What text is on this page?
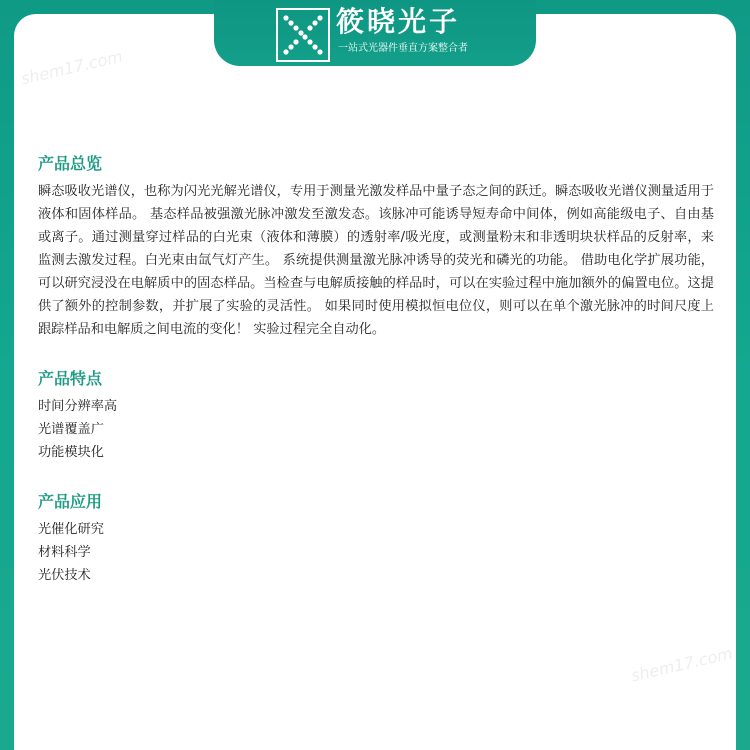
筱晓光子
一站式光器件垂直方案整合者
产品总览

瞬态吸收光谱仪，也称为闪光光解光谱仪，专用于测量光激发样品中量子态之间的跃迁。瞬态吸收光谱仪测量适用于液体和固体样品。 基态样品被强激光脉冲激发至激发态。该脉冲可能诱导短寿命中间体，例如高能级电子、自由基或离子。通过测量穿过样品的白光束（液体和薄膜）的透射率/吸光度，或测量粉末和非透明块状样品的反射率，来监测去激发过程。白光束由氙气灯产生。 系统提供测量激光脉冲诱导的荧光和磷光的功能。 借助电化学扩展功能，可以研究浸没在电解质中的固态样品。当检查与电解质接触的样品时，可以在实验过程中施加额外的偏置电位。这提供了额外的控制参数，并扩展了实验的灵活性。 如果同时使用模拟恒电位仪，则可以在单个激光脉冲的时间尺度上跟踪样品和电解质之间电流的变化！ 实验过程完全自动化。

产品特点
时间分辨率高
光谱覆盖广
功能模块化
产品应用
光催化研究
材料科学
光伏技术
